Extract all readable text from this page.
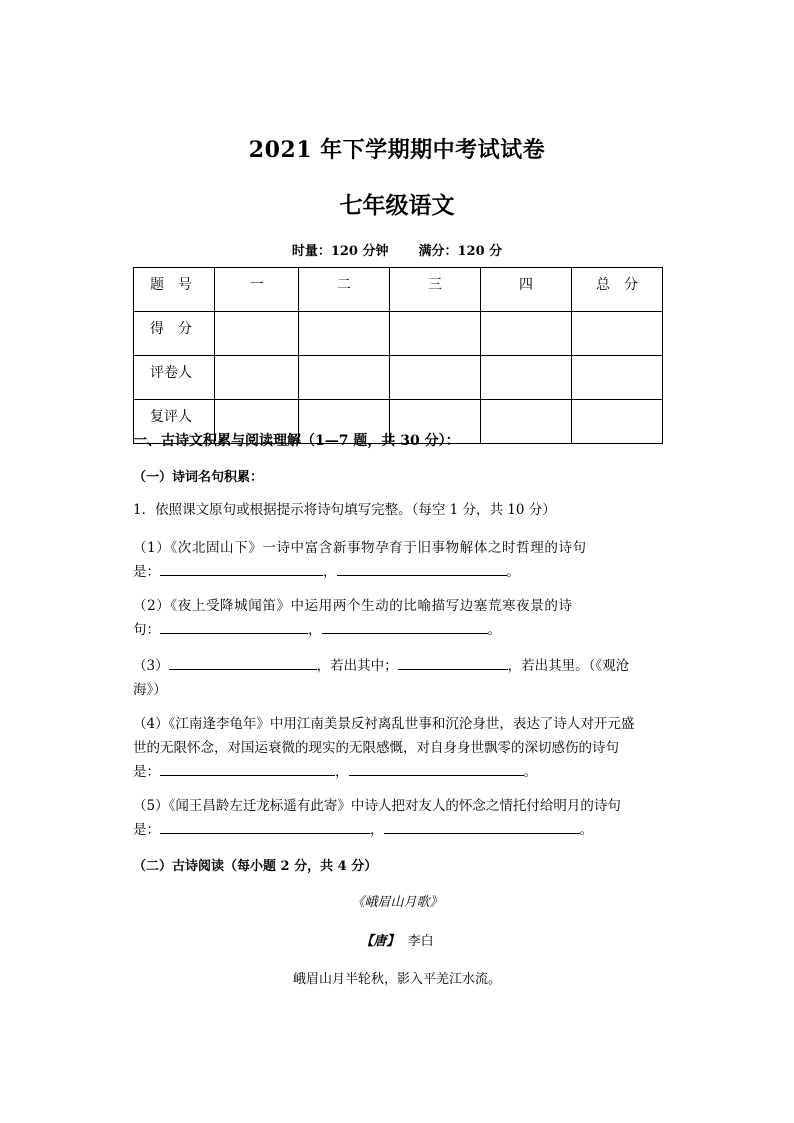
2021 年下学期期中考试试卷
七年级语文
时量：120 分钟 满分：120 分
题　号	一	二	三	四	总　分
得　分					
评卷人					
复评人					
一、古诗文积累与阅读理解（1—7 题，共 30 分）：
（一）诗词名句积累：
1．依照课文原句或根据提示将诗句填写完整。（每空 1 分，共 10 分）
（1）《次北固山下》一诗中富含新事物孕育于旧事物解体之时哲理的诗句
是：	，	。
（2）《夜上受降城闻笛》中运用两个生动的比喻描写边塞荒寒夜景的诗
句：	，	。
（3）	，若出其中；	，若出其里。（《观沧
海》）
（4）《江南逢李龟年》中用江南美景反衬离乱世事和沉沦身世，表达了诗人对开元盛
世的无限怀念，对国运衰微的现实的无限感慨，对自身身世飘零的深切感伤的诗句
是：	，	。
（5）《闻王昌龄左迁龙标遥有此寄》中诗人把对友人的怀念之情托付给明月的诗句
是：	，	。
（二）古诗阅读（每小题 2 分，共 4 分）
《峨眉山月歌》
【唐】 李白
峨眉山月半轮秋，影入平羌江水流。
